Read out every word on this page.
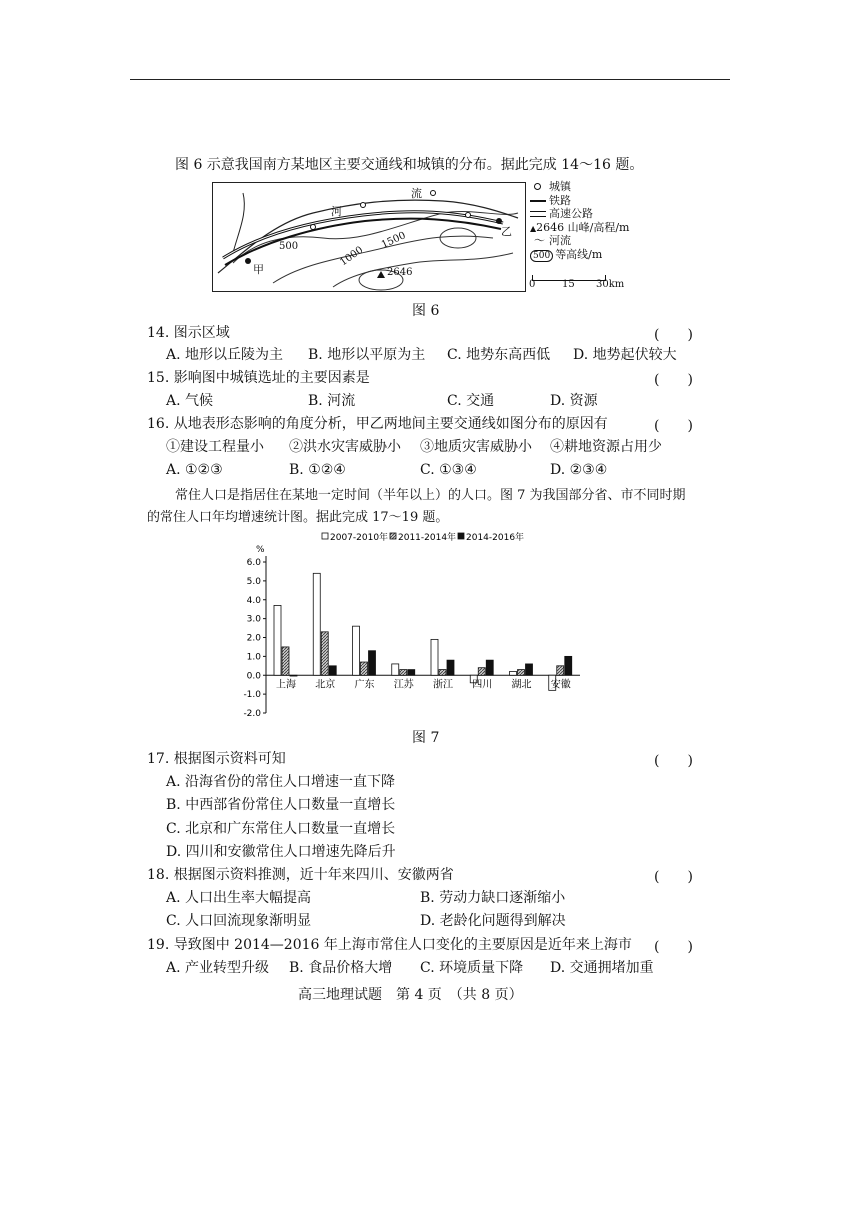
图 6 示意我国南方某地区主要交通线和城镇的分布。据此完成 14～16 题。
河
流
乙
甲
500	1000
1500
2646
城镇
铁路
高速公路
▲2646 山峰/高程/m
〜 河流
500 等高线/m
0	15 30km
图 6
14. 图示区域	(　　)
A. 地形以丘陵为主 B. 地形以平原为主 C. 地势东高西低 D. 地势起伏较大
15. 影响图中城镇选址的主要因素是	(　　)
A. 气候	B. 河流	C. 交通	D. 资源
16. 从地表形态影响的角度分析，甲乙两地间主要交通线如图分布的原因有	(　　)
①建设工程量小 ②洪水灾害威胁小 ③地质灾害威胁小 ④耕地资源占用少
A. ①②③	B. ①②④	C. ①③④	D. ②③④
常住人口是指居住在某地一定时间（半年以上）的人口。图 7 为我国部分省、市不同时期
的常住人口年均增速统计图。据此完成 17～19 题。
2007-2010年 2011-2014年 2014-2016年
%
6.0
5.0
4.0
3.0
2.0
1.0
0.0
-1.0
-2.0
上海 北京 广东 江苏 浙江 四川 湖北 安徽
图 7
17. 根据图示资料可知	(　　)
A. 沿海省份的常住人口增速一直下降
B. 中西部省份常住人口数量一直增长
C. 北京和广东常住人口数量一直增长
D. 四川和安徽常住人口增速先降后升
18. 根据图示资料推测，近十年来四川、安徽两省	(　　)
A. 人口出生率大幅提高	B. 劳动力缺口逐渐缩小
C. 人口回流现象渐明显	D. 老龄化问题得到解决
19. 导致图中 2014—2016 年上海市常住人口变化的主要原因是近年来上海市 (　　)
A. 产业转型升级 B. 食品价格大增 C. 环境质量下降 D. 交通拥堵加重
高三地理试题　第 4 页　（共 8 页）
